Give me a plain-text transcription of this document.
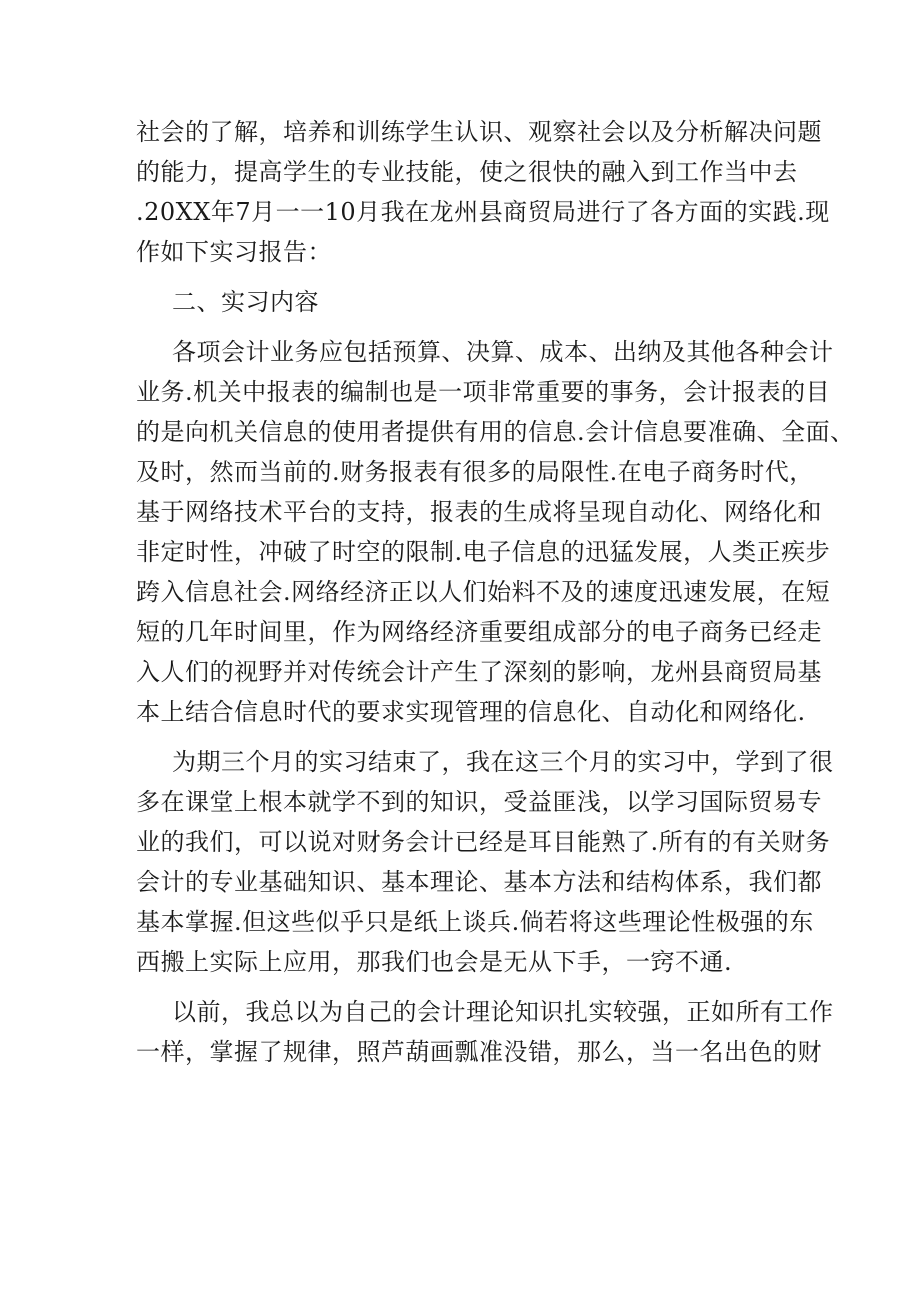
社会的了解，培养和训练学生认识、观察社会以及分析解决问题
的能力，提高学生的专业技能，使之很快的融入到工作当中去
.20XX年7月一一10月我在龙州县商贸局进行了各方面的实践.现
作如下实习报告：
二、实习内容
各项会计业务应包括预算、决算、成本、出纳及其他各种会计
业务.机关中报表的编制也是一项非常重要的事务，会计报表的目
的是向机关信息的使用者提供有用的信息.会计信息要准确、全面、
及时，然而当前的.财务报表有很多的局限性.在电子商务时代，
基于网络技术平台的支持，报表的生成将呈现自动化、网络化和
非定时性，冲破了时空的限制.电子信息的迅猛发展，人类正疾步
跨入信息社会.网络经济正以人们始料不及的速度迅速发展，在短
短的几年时间里，作为网络经济重要组成部分的电子商务已经走
入人们的视野并对传统会计产生了深刻的影响，龙州县商贸局基
本上结合信息时代的要求实现管理的信息化、自动化和网络化.
为期三个月的实习结束了，我在这三个月的实习中，学到了很
多在课堂上根本就学不到的知识，受益匪浅，以学习国际贸易专
业的我们，可以说对财务会计已经是耳目能熟了.所有的有关财务
会计的专业基础知识、基本理论、基本方法和结构体系，我们都
基本掌握.但这些似乎只是纸上谈兵.倘若将这些理论性极强的东
西搬上实际上应用，那我们也会是无从下手，一窍不通.
以前，我总以为自己的会计理论知识扎实较强，正如所有工作
一样，掌握了规律，照芦葫画瓢准没错，那么，当一名出色的财
